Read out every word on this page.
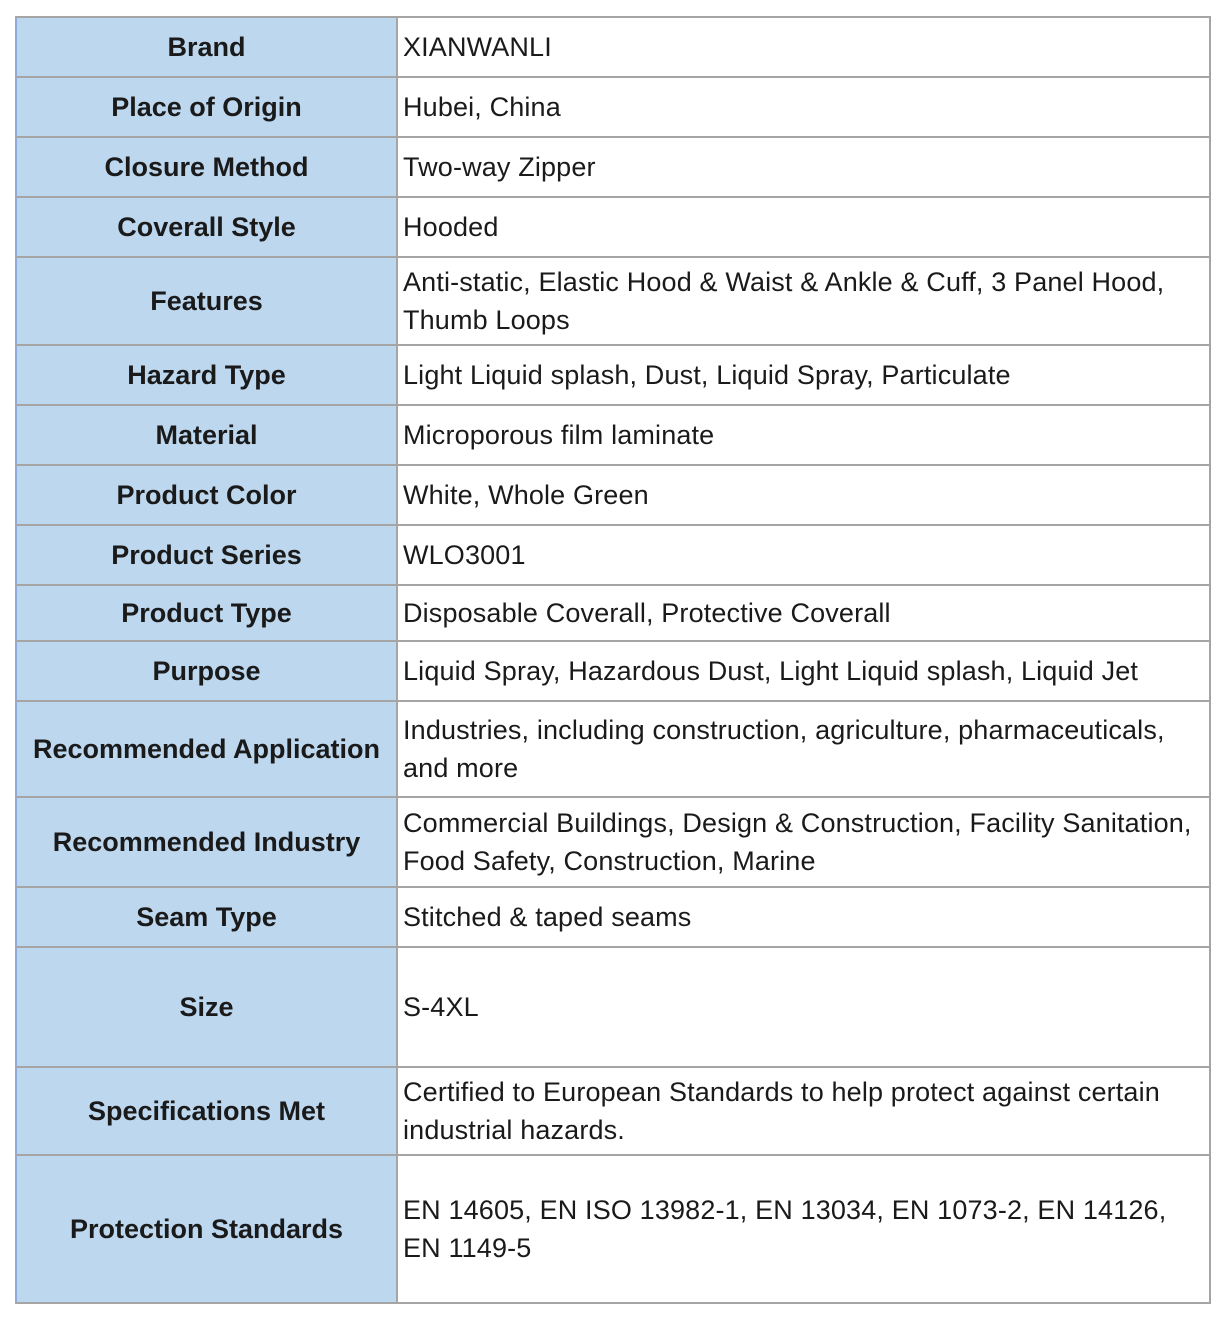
Brand	XIANWANLI
Place of Origin	Hubei, China
Closure Method	Two-way Zipper
Coverall Style	Hooded
Features	Anti-static, Elastic Hood & Waist & Ankle & Cuff, 3 Panel Hood, Thumb Loops
Hazard Type	Light Liquid splash, Dust, Liquid Spray, Particulate
Material	Microporous film laminate
Product Color	White, Whole Green
Product Series	WLO3001
Product Type	Disposable Coverall, Protective Coverall
Purpose	Liquid Spray, Hazardous Dust, Light Liquid splash, Liquid Jet
Recommended Application	Industries, including construction, agriculture, pharmaceuticals, and more
Recommended Industry	Commercial Buildings, Design & Construction, Facility Sanitation, Food Safety, Construction, Marine
Seam Type	Stitched & taped seams
Size	S-4XL
Specifications Met	Certified to European Standards to help protect against certain industrial hazards.
Protection Standards	EN 14605, EN ISO 13982-1, EN 13034, EN 1073-2, EN 14126, EN 1149-5
